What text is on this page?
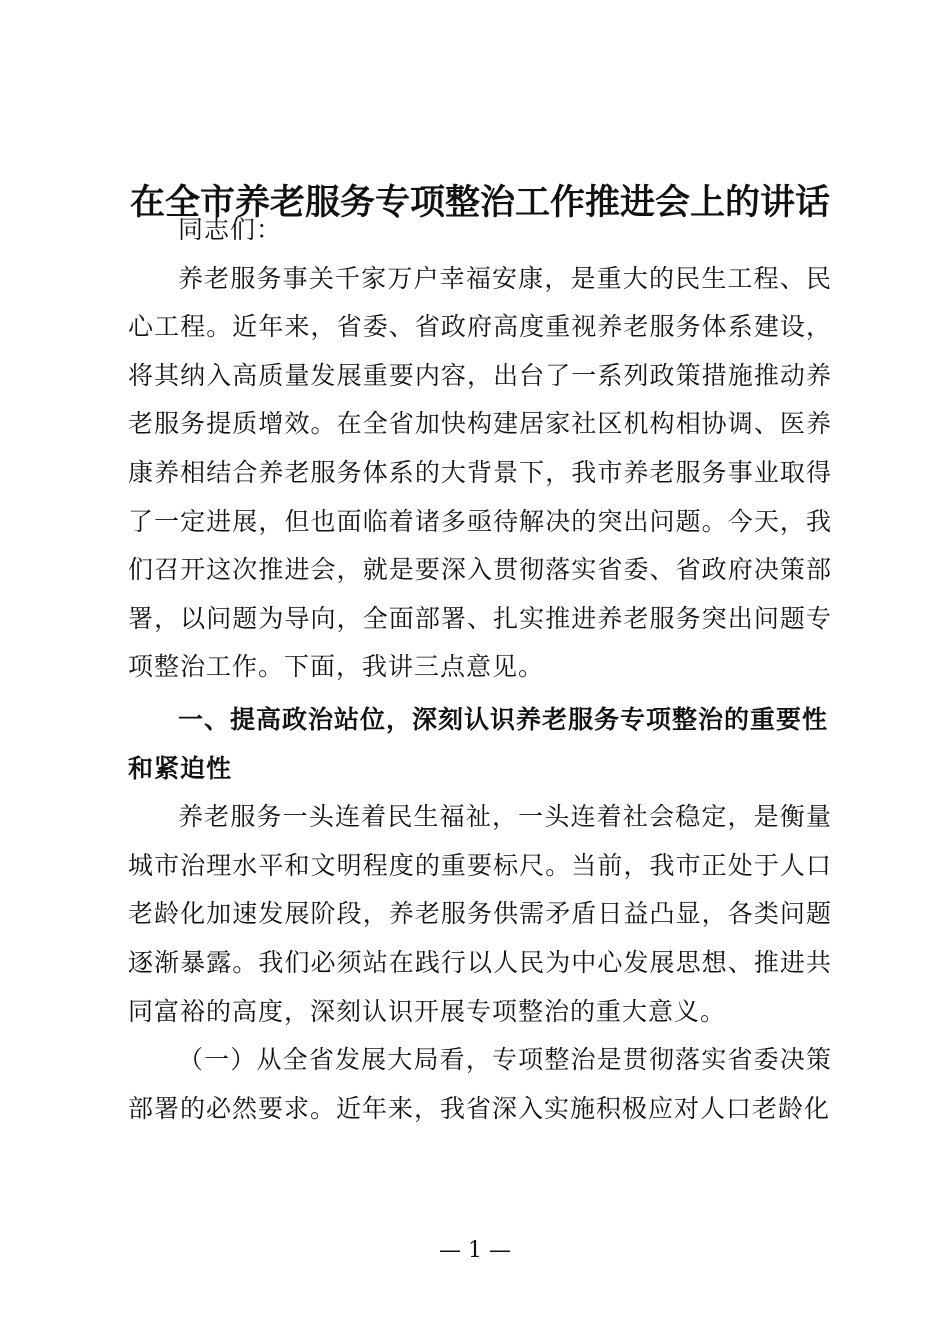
在全市养老服务专项整治工作推进会上的讲话

同志们：

养老服务事关千家万户幸福安康，是重大的民生工程、民心工程。近年来，省委、省政府高度重视养老服务体系建设，将其纳入高质量发展重要内容，出台了一系列政策措施推动养老服务提质增效。在全省加快构建居家社区机构相协调、医养康养相结合养老服务体系的大背景下，我市养老服务事业取得了一定进展，但也面临着诸多亟待解决的突出问题。今天，我们召开这次推进会，就是要深入贯彻落实省委、省政府决策部署，以问题为导向，全面部署、扎实推进养老服务突出问题专项整治工作。下面，我讲三点意见。

一、提高政治站位，深刻认识养老服务专项整治的重要性和紧迫性

养老服务一头连着民生福祉，一头连着社会稳定，是衡量城市治理水平和文明程度的重要标尺。当前，我市正处于人口老龄化加速发展阶段，养老服务供需矛盾日益凸显，各类问题逐渐暴露。我们必须站在践行以人民为中心发展思想、推进共同富裕的高度，深刻认识开展专项整治的重大意义。

（一）从全省发展大局看，专项整治是贯彻落实省委决策部署的必然要求。近年来，我省深入实施积极应对人口老龄化

— 1 —
